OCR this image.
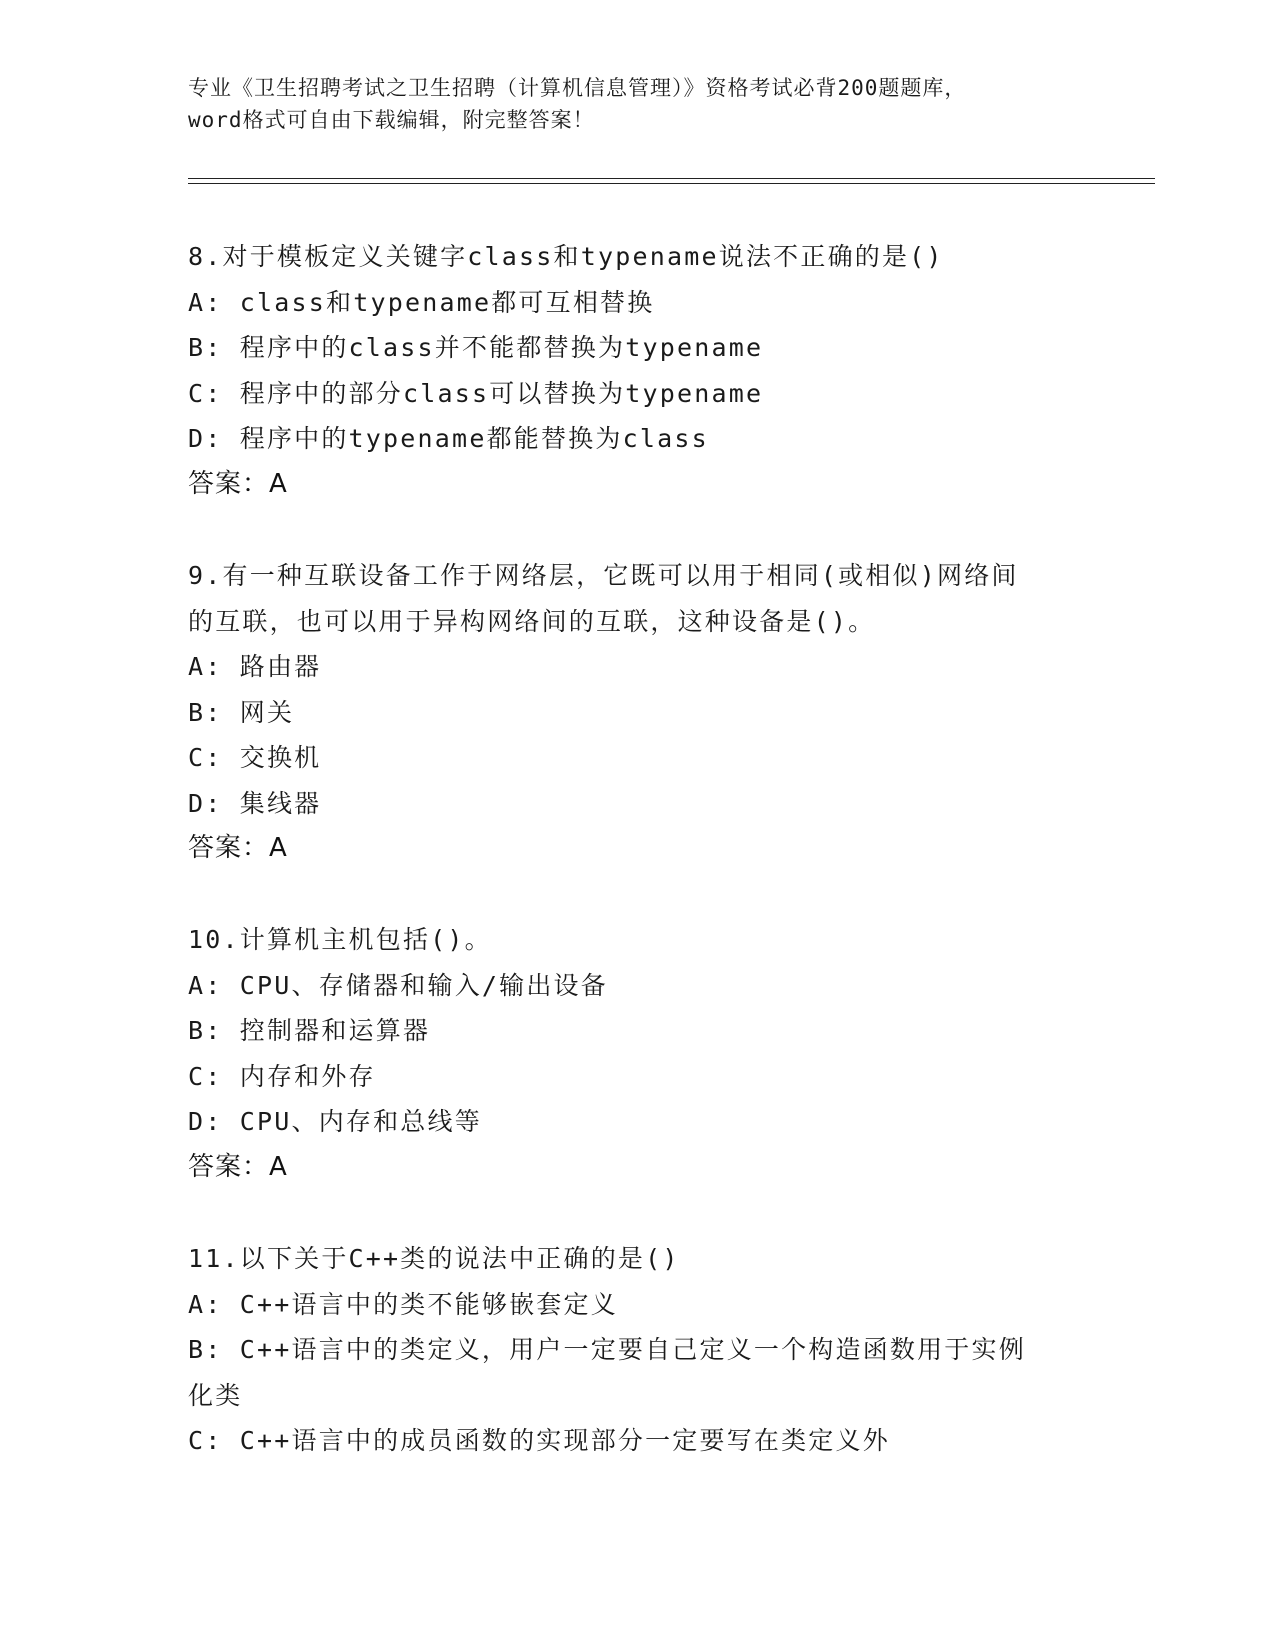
专业《卫生招聘考试之卫生招聘（计算机信息管理）》资格考试必背200题题库，
word格式可自由下载编辑，附完整答案！
8.对于模板定义关键字class和typename说法不正确的是()
A: class和typename都可互相替换
B: 程序中的class并不能都替换为typename
C: 程序中的部分class可以替换为typename
D: 程序中的typename都能替换为class
答案：A
9.有一种互联设备工作于网络层，它既可以用于相同(或相似)网络间
的互联，也可以用于异构网络间的互联，这种设备是()。
A: 路由器
B: 网关
C: 交换机
D: 集线器
答案：A
10.计算机主机包括()。
A: CPU、存储器和输入/输出设备
B: 控制器和运算器
C: 内存和外存
D: CPU、内存和总线等
答案：A
11.以下关于C++类的说法中正确的是()
A: C++语言中的类不能够嵌套定义
B: C++语言中的类定义，用户一定要自己定义一个构造函数用于实例
化类
C: C++语言中的成员函数的实现部分一定要写在类定义外
